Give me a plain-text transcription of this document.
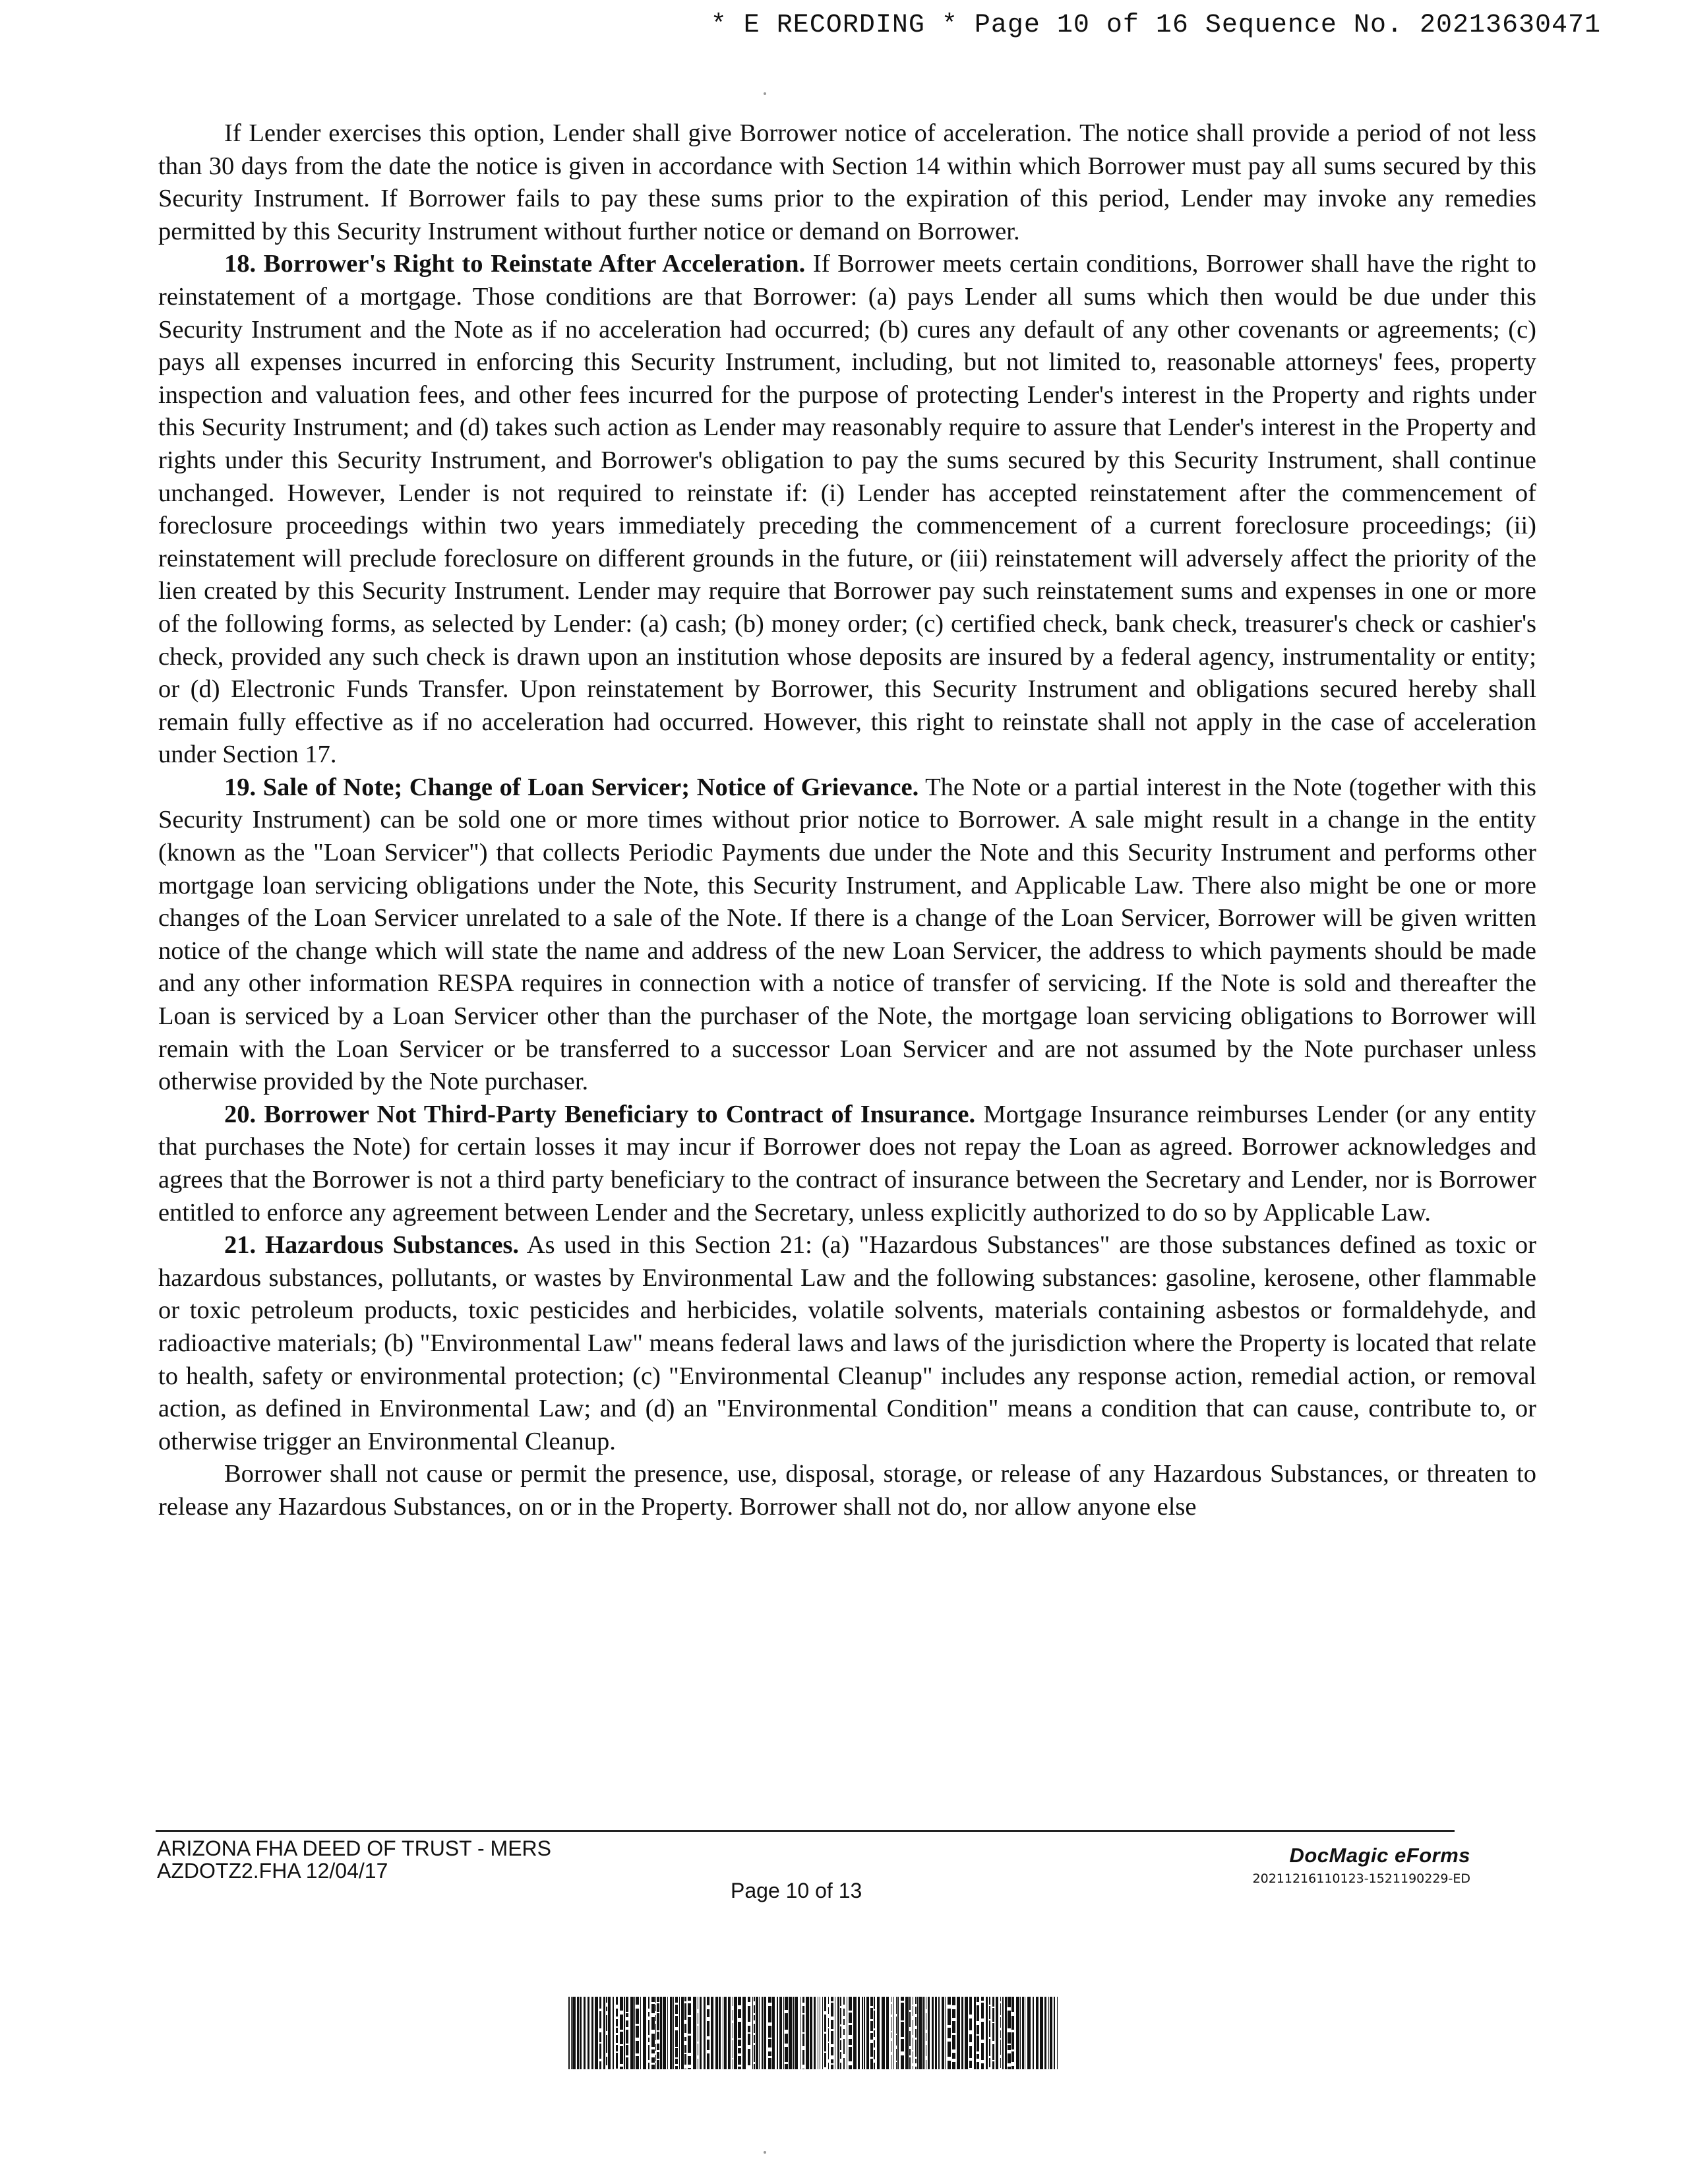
* E RECORDING * Page 10 of 16 Sequence No. 20213630471

If Lender exercises this option, Lender shall give Borrower notice of acceleration. The notice shall provide a period of not less than 30 days from the date the notice is given in accordance with Section 14 within which Borrower must pay all sums secured by this Security Instrument. If Borrower fails to pay these sums prior to the expiration of this period, Lender may invoke any remedies permitted by this Security Instrument without further notice or demand on Borrower.

18. Borrower's Right to Reinstate After Acceleration. If Borrower meets certain conditions, Borrower shall have the right to reinstatement of a mortgage. Those conditions are that Borrower: (a) pays Lender all sums which then would be due under this Security Instrument and the Note as if no acceleration had occurred; (b) cures any default of any other covenants or agreements; (c) pays all expenses incurred in enforcing this Security Instrument, including, but not limited to, reasonable attorneys' fees, property inspection and valuation fees, and other fees incurred for the purpose of protecting Lender's interest in the Property and rights under this Security Instrument; and (d) takes such action as Lender may reasonably require to assure that Lender's interest in the Property and rights under this Security Instrument, and Borrower's obligation to pay the sums secured by this Security Instrument, shall continue unchanged. However, Lender is not required to reinstate if: (i) Lender has accepted reinstatement after the commencement of foreclosure proceedings within two years immediately preceding the commencement of a current foreclosure proceedings; (ii) reinstatement will preclude foreclosure on different grounds in the future, or (iii) reinstatement will adversely affect the priority of the lien created by this Security Instrument. Lender may require that Borrower pay such reinstatement sums and expenses in one or more of the following forms, as selected by Lender: (a) cash; (b) money order; (c) certified check, bank check, treasurer's check or cashier's check, provided any such check is drawn upon an institution whose deposits are insured by a federal agency, instrumentality or entity; or (d) Electronic Funds Transfer. Upon reinstatement by Borrower, this Security Instrument and obligations secured hereby shall remain fully effective as if no acceleration had occurred. However, this right to reinstate shall not apply in the case of acceleration under Section 17.

19. Sale of Note; Change of Loan Servicer; Notice of Grievance. The Note or a partial interest in the Note (together with this Security Instrument) can be sold one or more times without prior notice to Borrower. A sale might result in a change in the entity (known as the "Loan Servicer") that collects Periodic Payments due under the Note and this Security Instrument and performs other mortgage loan servicing obligations under the Note, this Security Instrument, and Applicable Law. There also might be one or more changes of the Loan Servicer unrelated to a sale of the Note. If there is a change of the Loan Servicer, Borrower will be given written notice of the change which will state the name and address of the new Loan Servicer, the address to which payments should be made and any other information RESPA requires in connection with a notice of transfer of servicing. If the Note is sold and thereafter the Loan is serviced by a Loan Servicer other than the purchaser of the Note, the mortgage loan servicing obligations to Borrower will remain with the Loan Servicer or be transferred to a successor Loan Servicer and are not assumed by the Note purchaser unless otherwise provided by the Note purchaser.

20. Borrower Not Third-Party Beneficiary to Contract of Insurance. Mortgage Insurance reimburses Lender (or any entity that purchases the Note) for certain losses it may incur if Borrower does not repay the Loan as agreed. Borrower acknowledges and agrees that the Borrower is not a third party beneficiary to the contract of insurance between the Secretary and Lender, nor is Borrower entitled to enforce any agreement between Lender and the Secretary, unless explicitly authorized to do so by Applicable Law.

21. Hazardous Substances. As used in this Section 21: (a) "Hazardous Substances" are those substances defined as toxic or hazardous substances, pollutants, or wastes by Environmental Law and the following substances: gasoline, kerosene, other flammable or toxic petroleum products, toxic pesticides and herbicides, volatile solvents, materials containing asbestos or formaldehyde, and radioactive materials; (b) "Environmental Law" means federal laws and laws of the jurisdiction where the Property is located that relate to health, safety or environmental protection; (c) "Environmental Cleanup" includes any response action, remedial action, or removal action, as defined in Environmental Law; and (d) an "Environmental Condition" means a condition that can cause, contribute to, or otherwise trigger an Environmental Cleanup.

Borrower shall not cause or permit the presence, use, disposal, storage, or release of any Hazardous Substances, or threaten to release any Hazardous Substances, on or in the Property. Borrower shall not do, nor allow anyone else

ARIZONA FHA DEED OF TRUST - MERS
AZDOTZ2.FHA 12/04/17
Page 10 of 13
DocMagic eForms
20211216110123-1521190229-ED
